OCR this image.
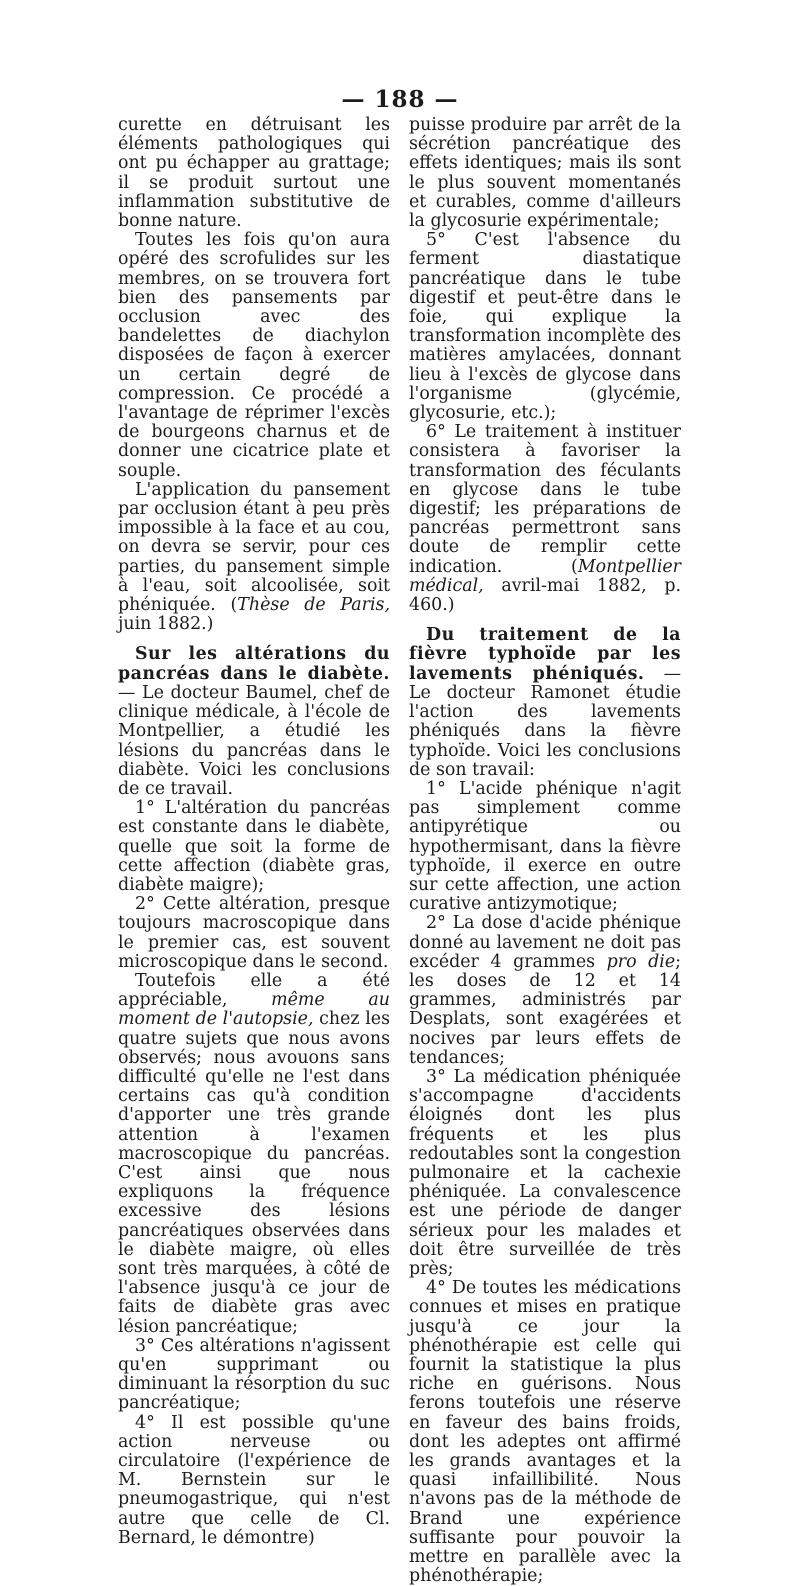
— 188 —

curette en détruisant les éléments pathologiques qui ont pu échapper au grattage; il se produit surtout une inflammation substitutive de bonne nature.

Toutes les fois qu'on aura opéré des scrofulides sur les membres, on se trouvera fort bien des pansements par occlusion avec des bandelettes de diachylon disposées de façon à exercer un certain degré de compression. Ce procédé a l'avantage de réprimer l'excès de bourgeons charnus et de donner une cicatrice plate et souple.

L'application du pansement par occlusion étant à peu près impossible à la face et au cou, on devra se servir, pour ces parties, du pansement simple à l'eau, soit alcoolisée, soit phéniquée. (Thèse de Paris, juin 1882.)

Sur les altérations du pancréas dans le diabète. — Le docteur Baumel, chef de clinique médicale, à l'école de Montpellier, a étudié les lésions du pancréas dans le diabète. Voici les conclusions de ce travail.

1° L'altération du pancréas est constante dans le diabète, quelle que soit la forme de cette affection (diabète gras, diabète maigre);

2° Cette altération, presque toujours macroscopique dans le premier cas, est souvent microscopique dans le second.

Toutefois elle a été appréciable, même au moment de l'autopsie, chez les quatre sujets que nous avons observés; nous avouons sans difficulté qu'elle ne l'est dans certains cas qu'à condition d'apporter une très grande attention à l'examen macroscopique du pancréas. C'est ainsi que nous expliquons la fréquence excessive des lésions pancréatiques observées dans le diabète maigre, où elles sont très marquées, à côté de l'absence jusqu'à ce jour de faits de diabète gras avec lésion pancréatique;

3° Ces altérations n'agissent qu'en supprimant ou diminuant la résorption du suc pancréatique;

4° Il est possible qu'une action nerveuse ou circulatoire (l'expérience de M. Bernstein sur le pneumogastrique, qui n'est autre que celle de Cl. Bernard, le démontre)

puisse produire par arrêt de la sécrétion pancréatique des effets identiques; mais ils sont le plus souvent momentanés et curables, comme d'ailleurs la glycosurie expérimentale;

5° C'est l'absence du ferment diastatique pancréatique dans le tube digestif et peut-être dans le foie, qui explique la transformation incomplète des matières amylacées, donnant lieu à l'excès de glycose dans l'organisme (glycémie, glycosurie, etc.);

6° Le traitement à instituer consistera à favoriser la transformation des féculants en glycose dans le tube digestif; les préparations de pancréas permettront sans doute de remplir cette indication. (Montpellier médical, avril-mai 1882, p. 460.)

Du traitement de la fièvre typhoïde par les lavements phéniqués. — Le docteur Ramonet étudie l'action des lavements phéniqués dans la fièvre typhoïde. Voici les conclusions de son travail:

1° L'acide phénique n'agit pas simplement comme antipyrétique ou hypothermisant, dans la fièvre typhoïde, il exerce en outre sur cette affection, une action curative antizymotique;

2° La dose d'acide phénique donné au lavement ne doit pas excéder 4 grammes pro die; les doses de 12 et 14 grammes, administrés par Desplats, sont exagérées et nocives par leurs effets de tendances;

3° La médication phéniquée s'accompagne d'accidents éloignés dont les plus fréquents et les plus redoutables sont la congestion pulmonaire et la cachexie phéniquée. La convalescence est une période de danger sérieux pour les malades et doit être surveillée de très près;

4° De toutes les médications connues et mises en pratique jusqu'à ce jour la phénothérapie est celle qui fournit la statistique la plus riche en guérisons. Nous ferons toutefois une réserve en faveur des bains froids, dont les adeptes ont affirmé les grands avantages et la quasi infaillibilité. Nous n'avons pas de la méthode de Brand une expérience suffisante pour pouvoir la mettre en parallèle avec la phénothérapie;
